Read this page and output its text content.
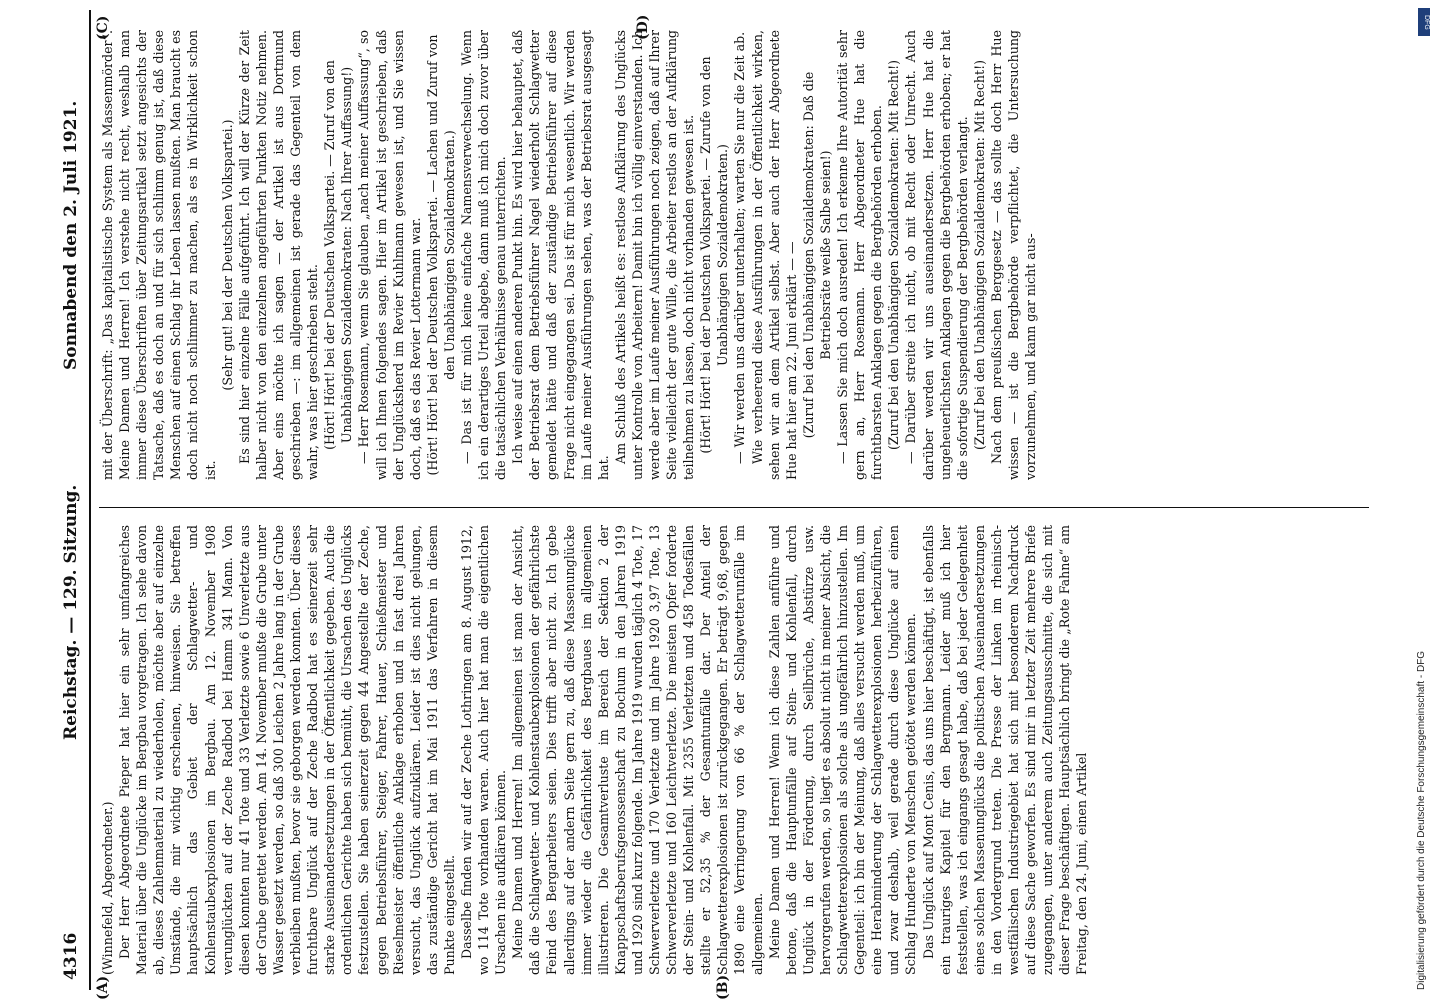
4316
Reichstag. — 129. Sitzung.
Sonnabend den 2. Juli 1921.
(A)	(B)
(C)	(D)

(Winnefeld, Abgeordneter.) Der Herr Abgeordnete Pieper hat hier ein sehr umfangreiches Material über die Unglücke im Bergbau vorgetragen. Ich sehe davon ab, dieses Zahlenmaterial zu wiederholen, möchte aber auf einzelne Umstände, die mir wichtig erscheinen, hinweisen. Sie betreffen hauptsächlich das Gebiet der Schlagwetter- und Kohlenstaubexplosionen im Bergbau. Am 12. November 1908 verunglückten auf der Zeche Radbod bei Hamm 341 Mann. Von diesen konnten nur 41 Tote und 33 Verletzte sowie 6 Unverletzte aus der Grube gerettet werden. Am 14. November mußte die Grube unter Wasser gesetzt werden, so daß 300 Leichen 2 Jahre lang in der Grube verbleiben mußten, bevor sie geborgen werden konnten. Über dieses furchtbare Unglück auf der Zeche Radbod hat es seinerzeit sehr starke Auseinandersetzungen in der Öffentlichkeit gegeben. Auch die ordentlichen Gerichte haben sich bemüht, die Ursachen des Unglücks festzustellen. Sie haben seinerzeit gegen 44 Angestellte der Zeche, gegen Betriebsführer, Steiger, Fahrer, Hauer, Schießmeister und Rieselmeister öffentliche Anklage erhoben und in fast drei Jahren versucht, das Unglück aufzuklären. Leider ist dies nicht gelungen, das zuständige Gericht hat im Mai 1911 das Verfahren in diesem Punkte eingestellt. Dasselbe finden wir auf der Zeche Lothringen am 8. August 1912, wo 114 Tote vorhanden waren. Auch hier hat man die eigentlichen Ursachen nie aufklären können. Meine Damen und Herren! Im allgemeinen ist man der Ansicht, daß die Schlagwetter- und Kohlenstaubexplosionen der gefährlichste Feind des Bergarbeiters seien. Dies trifft aber nicht zu. Ich gebe allerdings auf der andern Seite gern zu, daß diese Massenunglücke immer wieder die Gefährlichkeit des Bergbaues im allgemeinen illustrieren. Die Gesamtverluste im Bereich der Sektion 2 der Knappschaftsberufsgenossenschaft zu Bochum in den Jahren 1919 und 1920 sind kurz folgende. Im Jahre 1919 wurden täglich 4 Tote, 17 Schwerverletzte und 170 Verletzte und im Jahre 1920 3,97 Tote, 13 Schwerverletzte und 160 Leichtverletzte. Die meisten Opfer forderte der Stein- und Kohlenfall. Mit 2355 Verletzten und 458 Todesfällen stellte er 52,35 % der Gesamtunfälle dar. Der Anteil der Schlagwetterexplosionen ist zurückgegangen. Er beträgt 9,68, gegen 1890 eine Verringerung von 66 % der Schlagwetterunfälle im allgemeinen. Meine Damen und Herren! Wenn ich diese Zahlen anführe und betone, daß die Hauptunfälle auf Stein- und Kohlenfall, durch Unglück in der Förderung, durch Seilbrüche, Abstürze usw. hervorgerufen werden, so liegt es absolut nicht in meiner Absicht, die Schlagwetterexplosionen als solche als ungefährlich hinzustellen. Im Gegenteil: ich bin der Meinung, daß alles versucht werden muß, um eine Herabminderung der Schlagwetterexplosionen herbeizuführen, und zwar deshalb, weil gerade durch diese Unglücke auf einen Schlag Hunderte von Menschen getötet werden können. Das Unglück auf Mont Cenis, das uns hier beschäftigt, ist ebenfalls ein trauriges Kapitel für den Bergmann. Leider muß ich hier feststellen, was ich eingangs gesagt habe, daß bei jeder Gelegenheit eines solchen Massenunglücks die politischen Auseinandersetzungen in den Vordergrund treten. Die Presse der Linken im rheinisch-westfälischen Industriegebiet hat sich mit besonderem Nachdruck auf diese Sache geworfen. Es sind mir in letzter Zeit mehrere Briefe zugegangen, unter anderem auch Zeitungsausschnitte, die sich mit dieser Frage beschäftigen. Hauptsächlich bringt die „Rote Fahne“ am Freitag, den 24. Juni, einen Artikel

mit der Überschrift: „Das kapitalistische System als Massenmörder“. Meine Damen und Herren! Ich verstehe nicht recht, weshalb man immer diese Überschriften über Zeitungsartikel setzt angesichts der Tatsache, daß es doch an und für sich schlimm genug ist, daß diese Menschen auf einen Schlag ihr Leben lassen mußten. Man braucht es doch nicht noch schlimmer zu machen, als es in Wirklichkeit schon ist.

(Sehr gut! bei der Deutschen Volkspartei.) Es sind hier einzelne Fälle aufgeführt. Ich will der Kürze der Zeit halber nicht von den einzelnen angeführten Punkten Notiz nehmen. Aber eins möchte ich sagen — der Artikel ist aus Dortmund geschrieben —: im allgemeinen ist gerade das Gegenteil von dem wahr, was hier geschrieben steht. (Hört! Hört! bei der Deutschen Volkspartei. — Zuruf von den Unabhängigen Sozialdemokraten: Nach Ihrer Auffassung!) — Herr Rosemann, wenn Sie glauben „nach meiner Auffassung“, so will ich Ihnen folgendes sagen. Hier im Artikel ist geschrieben, daß der Unglücksherd im Revier Kuhlmann gewesen ist, und Sie wissen doch, daß es das Revier Lottermann war. (Hört! Hört! bei der Deutschen Volkspartei. — Lachen und Zuruf von den Unabhängigen Sozialdemokraten.) — Das ist für mich keine einfache Namensverwechselung. Wenn ich ein derartiges Urteil abgebe, dann muß ich mich doch zuvor über die tatsächlichen Verhältnisse genau unterrichten. Ich weise auf einen anderen Punkt hin. Es wird hier behauptet, daß der Betriebsrat dem Betriebsführer Nagel wiederholt Schlagwetter gemeldet hätte und daß der zuständige Betriebsführer auf diese Frage nicht eingegangen sei. Das ist für mich wesentlich. Wir werden im Laufe meiner Ausführungen sehen, was der Betriebsrat ausgesagt hat.

Am Schluß des Artikels heißt es: restlose Aufklärung des Unglücks unter Kontrolle von Arbeitern! Damit bin ich völlig einverstanden. Ich werde aber im Laufe meiner Ausführungen noch zeigen, daß auf Ihrer Seite vielleicht der gute Wille, die Arbeiter restlos an der Aufklärung teilnehmen zu lassen, doch nicht vorhanden gewesen ist. (Hört! Hört! bei der Deutschen Volkspartei. — Zurufe von den Unabhängigen Sozialdemokraten.) — Wir werden uns darüber unterhalten; warten Sie nur die Zeit ab. Wie verheerend diese Ausführungen in der Öffentlichkeit wirken, sehen wir an dem Artikel selbst. Aber auch der Herr Abgeordnete Hue hat hier am 22. Juni erklärt — — (Zuruf bei den Unabhängigen Sozialdemokraten: Daß die Betriebsräte weiße Salbe seien!) — Lassen Sie mich doch ausreden! Ich erkenne Ihre Autorität sehr gern an, Herr Rosemann. Herr Abgeordneter Hue hat die furchtbarsten Anklagen gegen die Bergbehörden erhoben. (Zuruf bei den Unabhängigen Sozialdemokraten: Mit Recht!) — Darüber streite ich nicht, ob mit Recht oder Unrecht. Auch darüber werden wir uns auseinandersetzen. Herr Hue hat die ungeheuerlichsten Anklagen gegen die Bergbehörden erhoben; er hat die sofortige Suspendierung der Bergbehörden verlangt. (Zuruf bei den Unabhängigen Sozialdemokraten: Mit Recht!) Nach dem preußischen Berggesetz — das sollte doch Herr Hue wissen — ist die Bergbehörde verpflichtet, die Untersuchung vorzunehmen, und kann gar nicht aus-

Digitalisierung gefördert durch die Deutsche Forschungsgemeinschaft - DFG
DFG
